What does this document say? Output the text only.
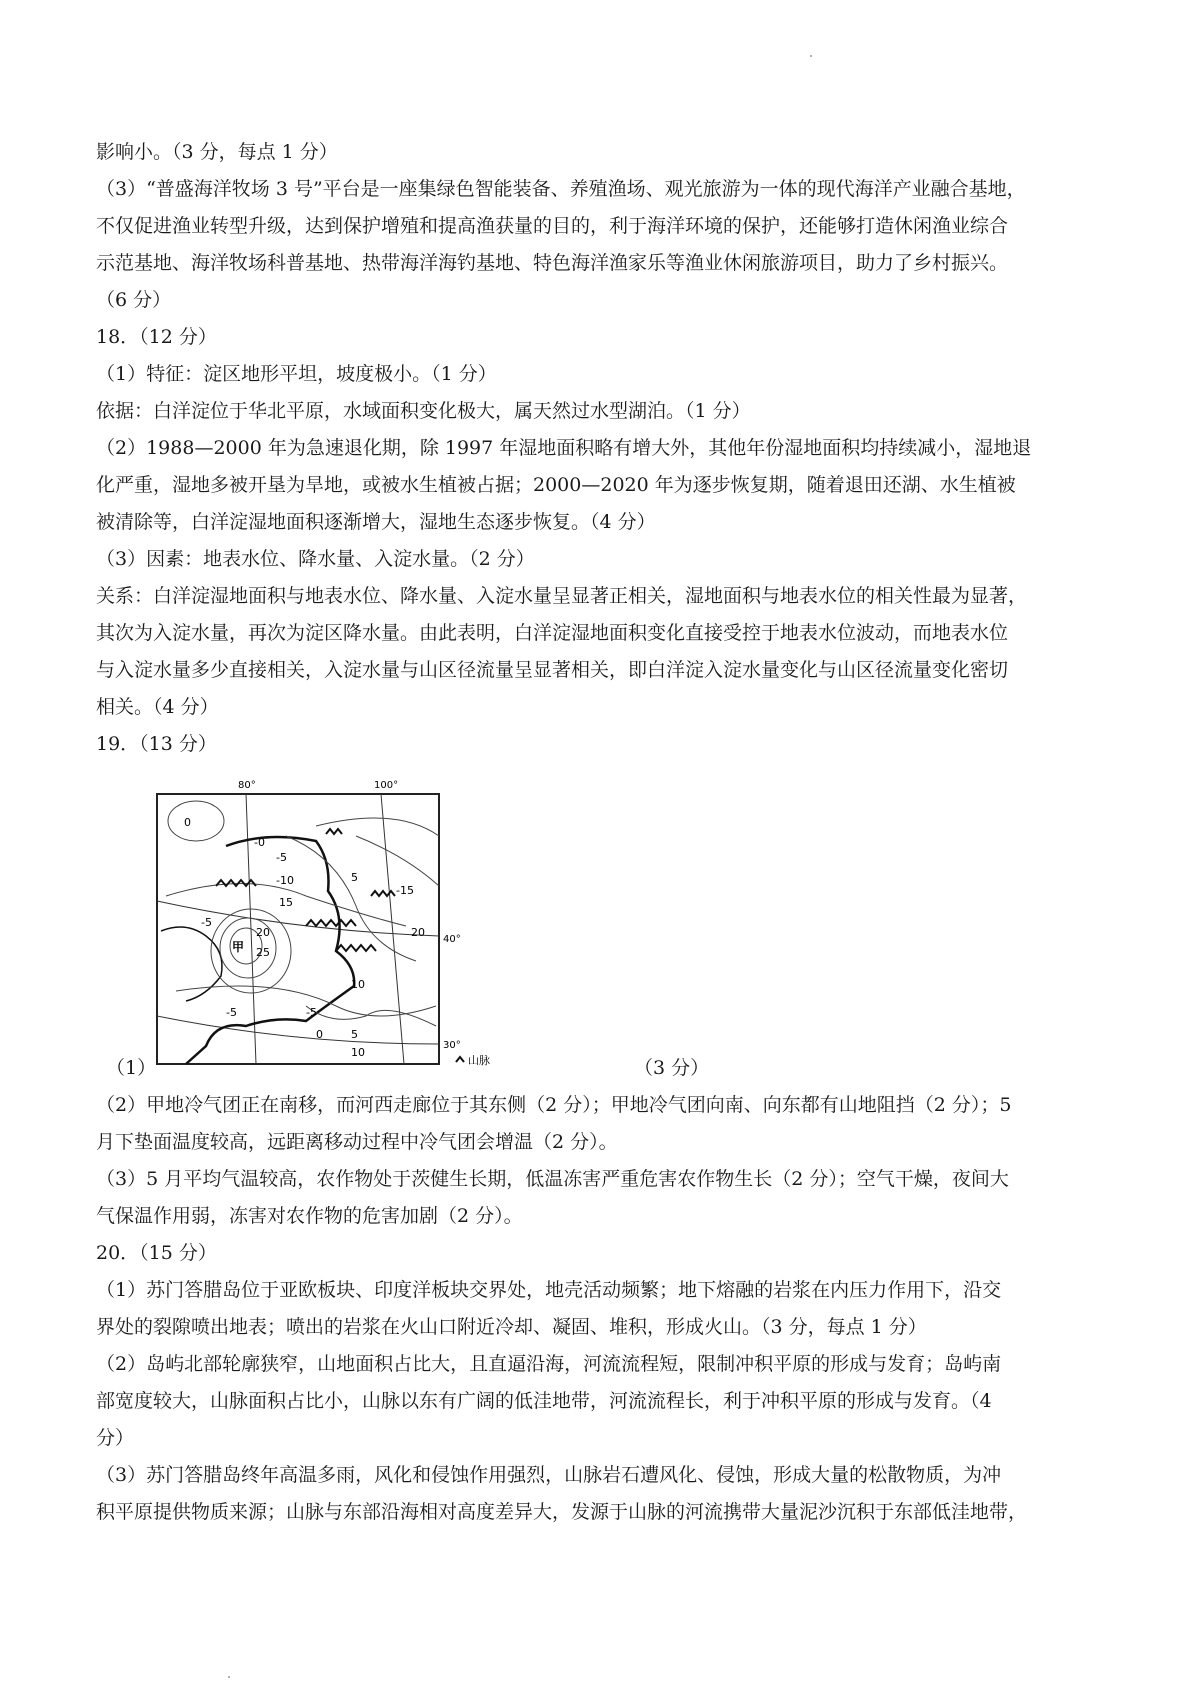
影响小。（3 分，每点 1 分）
（3）“普盛海洋牧场 3 号”平台是一座集绿色智能装备、养殖渔场、观光旅游为一体的现代海洋产业融合基地，
不仅促进渔业转型升级，达到保护增殖和提高渔获量的目的，利于海洋环境的保护，还能够打造休闲渔业综合
示范基地、海洋牧场科普基地、热带海洋海钓基地、特色海洋渔家乐等渔业休闲旅游项目，助力了乡村振兴。
（6 分）
18．（12 分）
（1）特征：淀区地形平坦，坡度极小。（1 分）
依据：白洋淀位于华北平原，水域面积变化极大，属天然过水型湖泊。（1 分）
（2）1988—2000 年为急速退化期，除 1997 年湿地面积略有增大外，其他年份湿地面积均持续减小，湿地退
化严重，湿地多被开垦为旱地，或被水生植被占据；2000—2020 年为逐步恢复期，随着退田还湖、水生植被
被清除等，白洋淀湿地面积逐渐增大，湿地生态逐步恢复。（4 分）
（3）因素：地表水位、降水量、入淀水量。（2 分）
关系：白洋淀湿地面积与地表水位、降水量、入淀水量呈显著正相关，湿地面积与地表水位的相关性最为显著，
其次为入淀水量，再次为淀区降水量。由此表明，白洋淀湿地面积变化直接受控于地表水位波动，而地表水位
与入淀水量多少直接相关，入淀水量与山区径流量呈显著相关，即白洋淀入淀水量变化与山区径流量变化密切
相关。（4 分）
19．（13 分）
（1）
80°	100°
40°
30°
0
-0
-5
-10
15
5
-15
20
25
-5
10
-5
0	5
10
-5
20
甲
山脉	（3 分）
（2）甲地冷气团正在南移，而河西走廊位于其东侧（2 分）；甲地冷气团向南、向东都有山地阻挡（2 分）；5
月下垫面温度较高，远距离移动过程中冷气团会增温（2 分）。
（3）5 月平均气温较高，农作物处于茨健生长期，低温冻害严重危害农作物生长（2 分）；空气干燥，夜间大
气保温作用弱，冻害对农作物的危害加剧（2 分）。
20．（15 分）
（1）苏门答腊岛位于亚欧板块、印度洋板块交界处，地壳活动频繁；地下熔融的岩浆在内压力作用下，沿交
界处的裂隙喷出地表；喷出的岩浆在火山口附近冷却、凝固、堆积，形成火山。（3 分，每点 1 分）
（2）岛屿北部轮廓狭窄，山地面积占比大，且直逼沿海，河流流程短，限制冲积平原的形成与发育；岛屿南
部宽度较大，山脉面积占比小，山脉以东有广阔的低洼地带，河流流程长，利于冲积平原的形成与发育。（4
分）
（3）苏门答腊岛终年高温多雨，风化和侵蚀作用强烈，山脉岩石遭风化、侵蚀，形成大量的松散物质，为冲
积平原提供物质来源；山脉与东部沿海相对高度差异大，发源于山脉的河流携带大量泥沙沉积于东部低洼地带，
